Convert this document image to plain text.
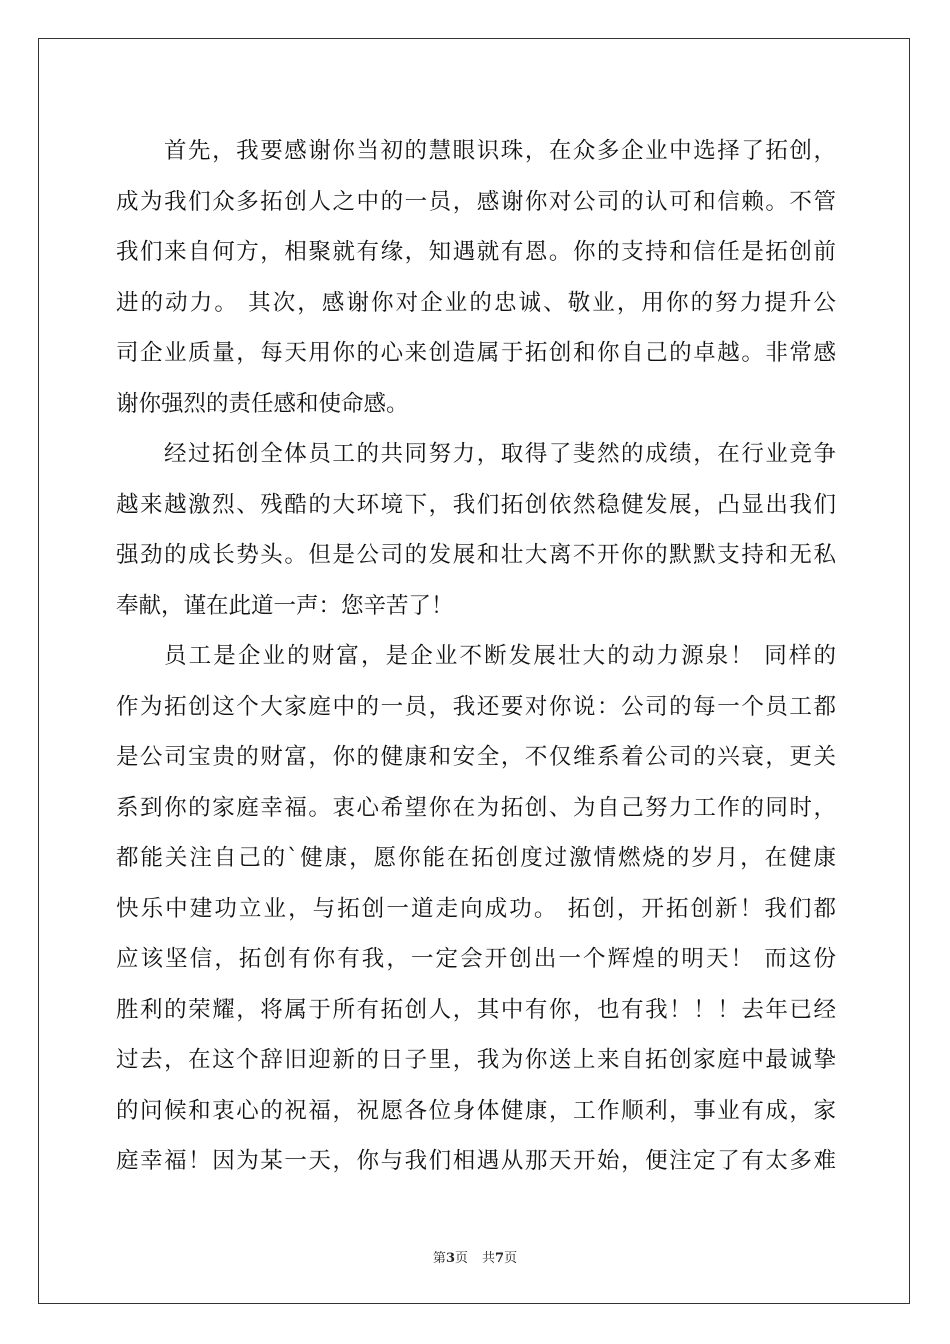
首先，我要感谢你当初的慧眼识珠，在众多企业中选择了拓创，
成为我们众多拓创人之中的一员，感谢你对公司的认可和信赖。不管
我们来自何方，相聚就有缘，知遇就有恩。你的支持和信任是拓创前
进的动力。 其次，感谢你对企业的忠诚、敬业，用你的努力提升公
司企业质量，每天用你的心来创造属于拓创和你自己的卓越。非常感
谢你强烈的责任感和使命感。
经过拓创全体员工的共同努力，取得了斐然的成绩，在行业竞争
越来越激烈、残酷的大环境下，我们拓创依然稳健发展，凸显出我们
强劲的成长势头。但是公司的发展和壮大离不开你的默默支持和无私
奉献，谨在此道一声：您辛苦了！
员工是企业的财富，是企业不断发展壮大的动力源泉！ 同样的
作为拓创这个大家庭中的一员，我还要对你说：公司的每一个员工都
是公司宝贵的财富，你的健康和安全，不仅维系着公司的兴衰，更关
系到你的家庭幸福。衷心希望你在为拓创、为自己努力工作的同时，
都能关注自己的`健康，愿你能在拓创度过激情燃烧的岁月，在健康
快乐中建功立业，与拓创一道走向成功。 拓创，开拓创新！我们都
应该坚信，拓创有你有我，一定会开创出一个辉煌的明天！ 而这份
胜利的荣耀，将属于所有拓创人，其中有你，也有我！！！去年已经
过去，在这个辞旧迎新的日子里，我为你送上来自拓创家庭中最诚挚
的问候和衷心的祝福，祝愿各位身体健康，工作顺利，事业有成，家
庭幸福！因为某一天，你与我们相遇从那天开始，便注定了有太多难
第3页 共7页
